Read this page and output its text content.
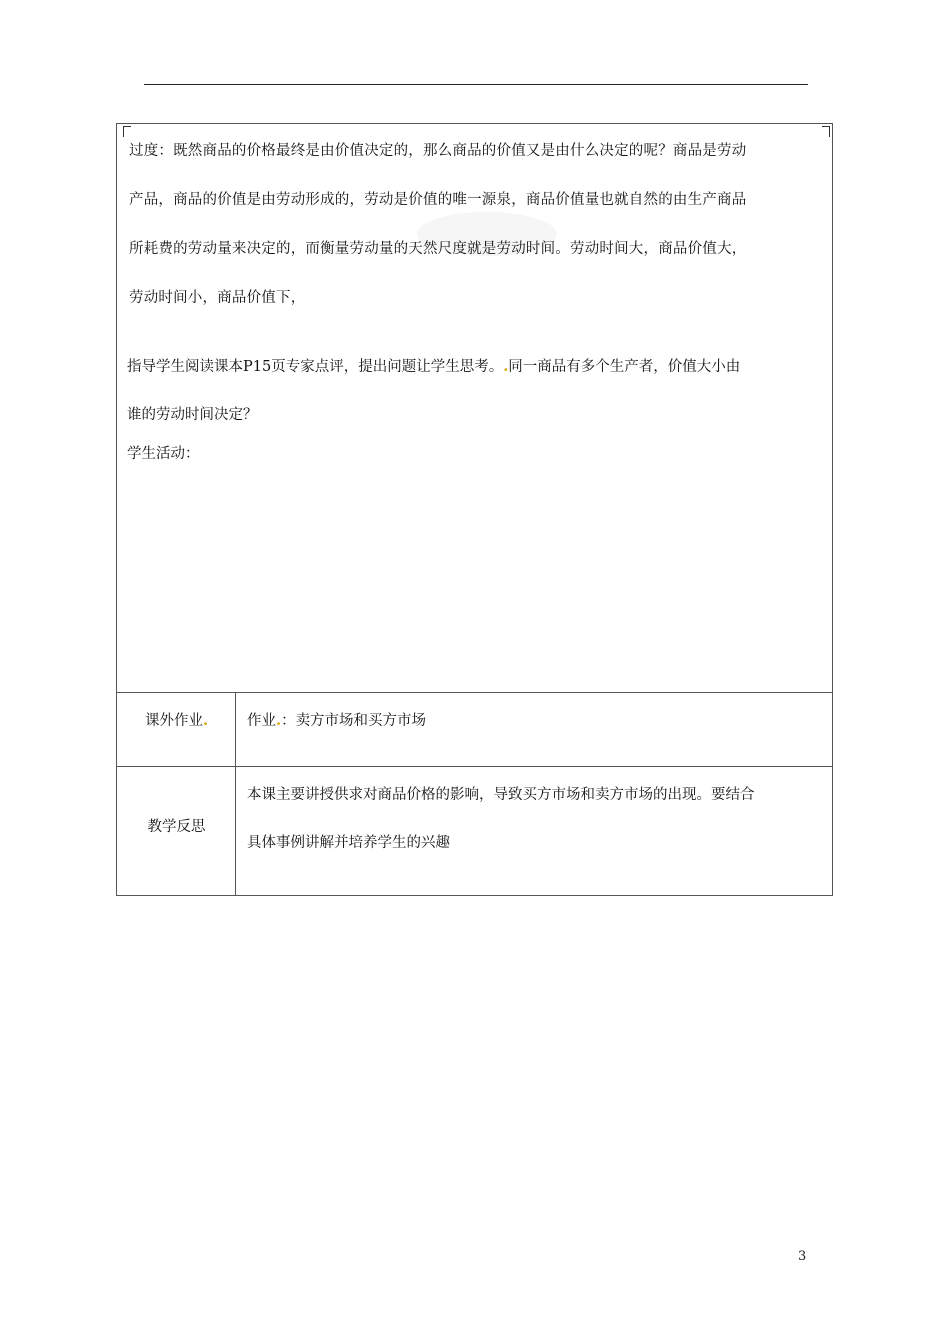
过度：既然商品的价格最终是由价值决定的，那么商品的价值又是由什么决定的呢？商品是劳动
产品，商品的价值是由劳动形成的，劳动是价值的唯一源泉，商品价值量也就自然的由生产商品
所耗费的劳动量来决定的，而衡量劳动量的天然尺度就是劳动时间。劳动时间大，商品价值大，
劳动时间小，商品价值下，
指导学生阅读课本P15页专家点评，提出问题让学生思考。.同一商品有多个生产者，价值大小由
谁的劳动时间决定？
学生活动：
课外作业.	作业.：卖方市场和买方市场
教学反思
本课主要讲授供求对商品价格的影响，导致买方市场和卖方市场的出现。要结合
具体事例讲解并培养学生的兴趣
3
